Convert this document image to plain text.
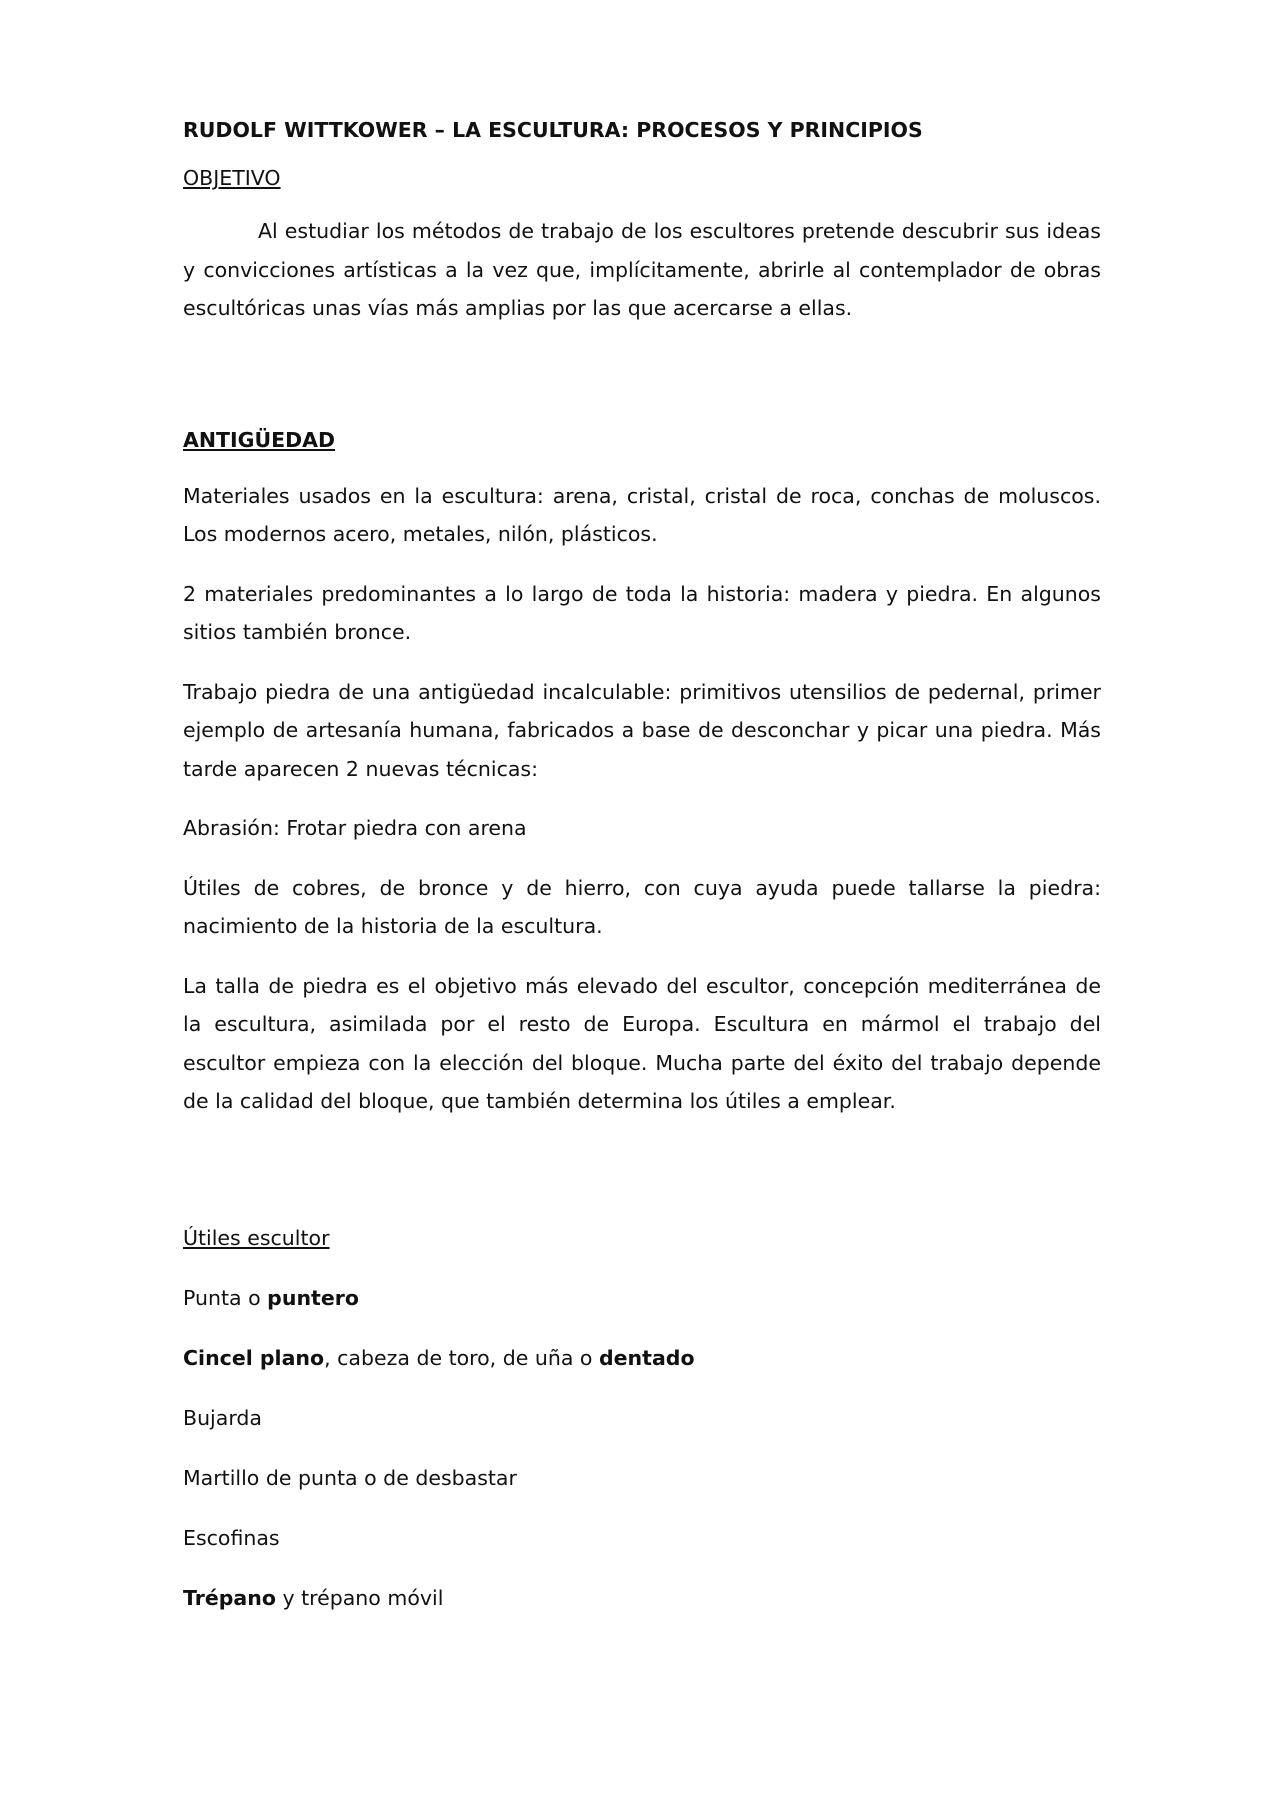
RUDOLF WITTKOWER – LA ESCULTURA: PROCESOS Y PRINCIPIOS
OBJETIVO

Al estudiar los métodos de trabajo de los escultores pretende descubrir sus ideas y convicciones artísticas a la vez que, implícitamente, abrirle al contemplador de obras escultóricas unas vías más amplias por las que acercarse a ellas.

ANTIGÜEDAD

Materiales usados en la escultura: arena, cristal, cristal de roca, conchas de moluscos. Los modernos acero, metales, nilón, plásticos.

2 materiales predominantes a lo largo de toda la historia: madera y piedra. En algunos sitios también bronce.

Trabajo piedra de una antigüedad incalculable: primitivos utensilios de pedernal, primer ejemplo de artesanía humana, fabricados a base de desconchar y picar una piedra. Más tarde aparecen 2 nuevas técnicas:

Abrasión: Frotar piedra con arena

Útiles de cobres, de bronce y de hierro, con cuya ayuda puede tallarse la piedra: nacimiento de la historia de la escultura.

La talla de piedra es el objetivo más elevado del escultor, concepción mediterránea de la escultura, asimilada por el resto de Europa. Escultura en mármol el trabajo del escultor empieza con la elección del bloque. Mucha parte del éxito del trabajo depende de la calidad del bloque, que también determina los útiles a emplear.

Útiles escultor
Punta o puntero
Cincel plano, cabeza de toro, de uña o dentado
Bujarda
Martillo de punta o de desbastar
Escofinas
Trépano y trépano móvil
